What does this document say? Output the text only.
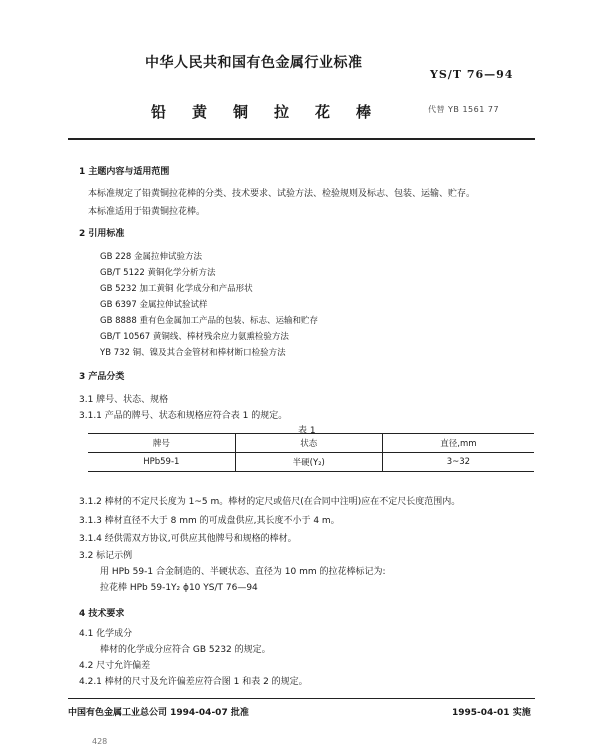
中华人民共和国有色金属行业标准
YS/T 76—94
铅黄铜拉花棒	代替 YB 1561 77
1 主题内容与适用范围
本标准规定了铅黄铜拉花棒的分类、技术要求、试验方法、检验规则及标志、包装、运输、贮存。
本标准适用于铅黄铜拉花棒。
2 引用标准
GB 228 金属拉伸试验方法
GB/T 5122 黄铜化学分析方法
GB 5232 加工黄铜 化学成分和产品形状
GB 6397 金属拉伸试验试样
GB 8888 重有色金属加工产品的包装、标志、运输和贮存
GB/T 10567 黄铜线、棒材残余应力氨熏检验方法
YB 732 铜、镍及其合金管材和棒材断口检验方法
3 产品分类
3.1 牌号、状态、规格
3.1.1 产品的牌号、状态和规格应符合表 1 的规定。
表 1
牌号	状态	直径,mm
HPb59-1	半硬(Y₂)	3~32
3.1.2 棒材的不定尺长度为 1~5 m。棒材的定尺或倍尺(在合同中注明)应在不定尺长度范围内。
3.1.3 棒材直径不大于 8 mm 的可成盘供应,其长度不小于 4 m。
3.1.4 经供需双方协议,可供应其他牌号和规格的棒材。
3.2 标记示例
用 HPb 59-1 合金制造的、半硬状态、直径为 10 mm 的拉花棒标记为:
拉花棒 HPb 59-1Y₂ ϕ10 YS/T 76—94
4 技术要求
4.1 化学成分
棒材的化学成分应符合 GB 5232 的规定。
4.2 尺寸允许偏差
4.2.1 棒材的尺寸及允许偏差应符合图 1 和表 2 的规定。
中国有色金属工业总公司 1994-04-07 批准	1995-04-01 实施
428
